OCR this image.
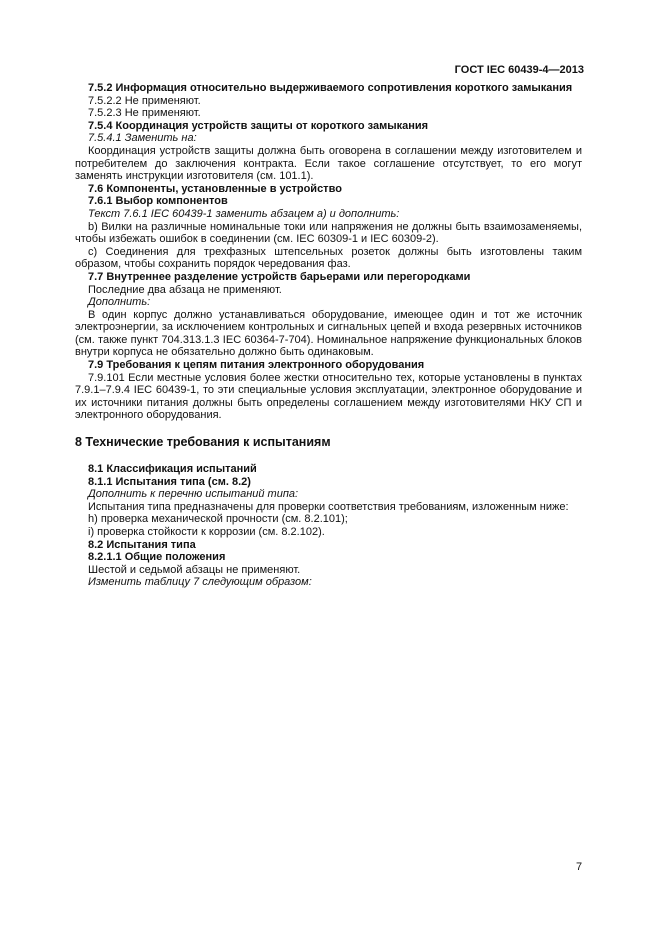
ГОСТ IEC 60439-4—2013

7.5.2 Информация относительно выдерживаемого сопротивления короткого замыкания

7.5.2.2 Не применяют.

7.5.2.3 Не применяют.

7.5.4 Координация устройств защиты от короткого замыкания

7.5.4.1 Заменить на:

Координация устройств защиты должна быть оговорена в соглашении между изготовителем и потребителем до заключения контракта. Если такое соглашение отсутствует, то его могут заменять инструкции изготовителя (см. 101.1).

7.6 Компоненты, установленные в устройство

7.6.1 Выбор компонентов

Текст 7.6.1 IEC 60439-1 заменить абзацем а) и дополнить:

b) Вилки на различные номинальные токи или напряжения не должны быть взаимозаменяемы, чтобы избежать ошибок в соединении (см. IEC 60309-1 и IEC 60309-2).

c) Соединения для трехфазных штепсельных розеток должны быть изготовлены таким образом, чтобы сохранить порядок чередования фаз.

7.7 Внутреннее разделение устройств барьерами или перегородками

Последние два абзаца не применяют.

Дополнить:

В один корпус должно устанавливаться оборудование, имеющее один и тот же источник электроэнергии, за исключением контрольных и сигнальных цепей и входа резервных источников (см. также пункт 704.313.1.3 IEC 60364-7-704). Номинальное напряжение функциональных блоков внутри корпуса не обязательно должно быть одинаковым.

7.9 Требования к цепям питания электронного оборудования

7.9.101 Если местные условия более жестки относительно тех, которые установлены в пунктах 7.9.1–7.9.4 IEC 60439-1, то эти специальные условия эксплуатации, электронное оборудование и их источники питания должны быть определены соглашением между изготовителями НКУ СП и электронного оборудования.

8 Технические требования к испытаниям

8.1 Классификация испытаний

8.1.1 Испытания типа (см. 8.2)

Дополнить к перечню испытаний типа:

Испытания типа предназначены для проверки соответствия требованиям, изложенным ниже:

h) проверка механической прочности (см. 8.2.101);

i) проверка стойкости к коррозии (см. 8.2.102).

8.2 Испытания типа

8.2.1.1 Общие положения

Шестой и седьмой абзацы не применяют.

Изменить таблицу 7 следующим образом:

7
